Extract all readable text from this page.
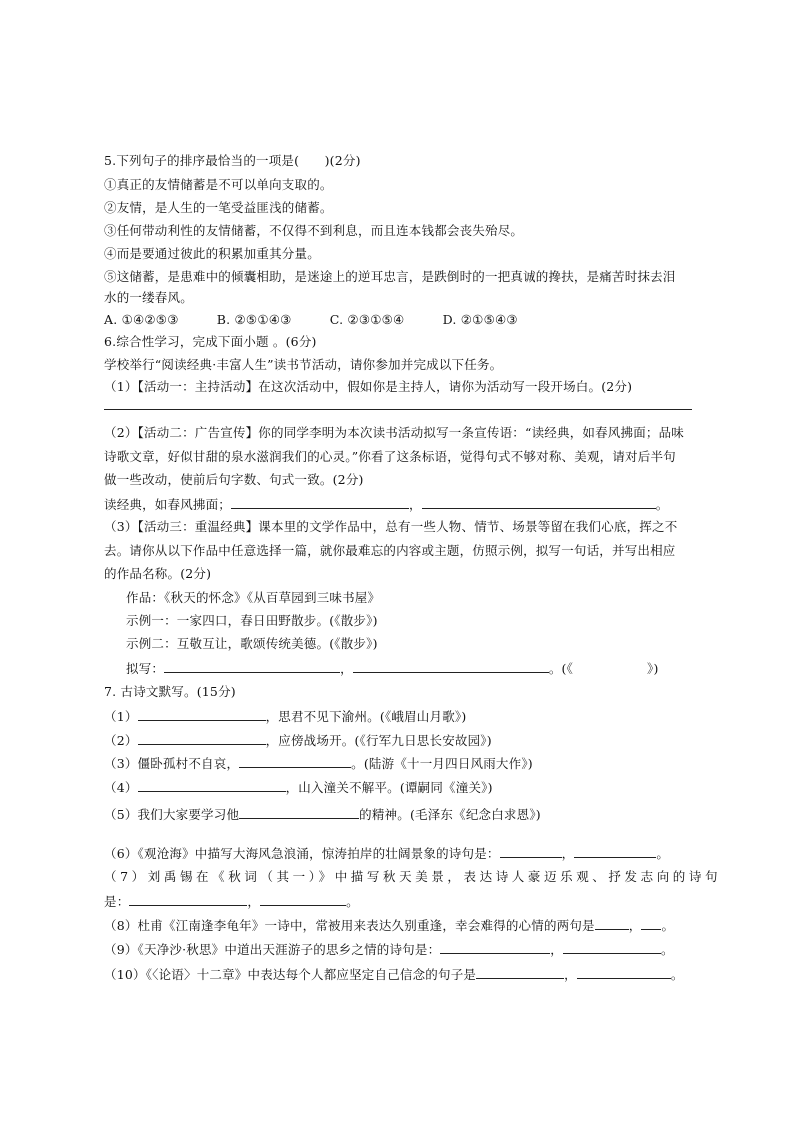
5.下列句子的排序最恰当的一项是(　　)(2分)
①真正的友情储蓄是不可以单向支取的。
②友情，是人生的一笔受益匪浅的储蓄。
③任何带动利性的友情储蓄，不仅得不到利息，而且连本钱都会丧失殆尽。
④而是要通过彼此的积累加重其分量。
⑤这储蓄，是患难中的倾囊相助，是迷途上的逆耳忠言，是跌倒时的一把真诚的搀扶，是痛苦时抹去泪
水的一缕春风。
A. ①④②⑤③	B. ②⑤①④③	C. ②③①⑤④	D. ②①⑤④③
6.综合性学习，完成下面小题 。(6分)
学校举行“阅读经典·丰富人生”读书节活动，请你参加并完成以下任务。
（1）【活动一：主持活动】在这次活动中，假如你是主持人，请你为活动写一段开场白。(2分)
（2）【活动二：广告宣传】你的同学李明为本次读书活动拟写一条宣传语：“读经典，如春风拂面；品味
诗歌文章，好似甘甜的泉水滋润我们的心灵。”你看了这条标语，觉得句式不够对称、美观，请对后半句
做一些改动，使前后句字数、句式一致。(2分)
读经典，如春风拂面；	，	。
（3）【活动三：重温经典】课本里的文学作品中，总有一些人物、情节、场景等留在我们心底，挥之不
去。请你从以下作品中任意选择一篇，就你最难忘的内容或主题，仿照示例，拟写一句话，并写出相应
的作品名称。(2分)
作品：《秋天的怀念》《从百草园到三味书屋》
示例一：一家四口，春日田野散步。(《散步》)
示例二：互敬互让，歌颂传统美德。(《散步》)
拟写：	，	。(《	》)
7. 古诗文默写。(15分)
（1）	，思君不见下渝州。(《峨眉山月歌》)
（2）	，应傍战场开。(《行军九日思长安故园》)
（3）僵卧孤村不自哀，	。(陆游《十一月四日风雨大作》)
（4）	，山入潼关不解平。(谭嗣同《潼关》)
（5）我们大家要学习他	的精神。(毛泽东《纪念白求恩》)
（6）《观沧海》中描写大海风急浪涌，惊涛拍岸的壮阔景象的诗句是：	，	。
（7）刘禹锡在《秋词（其一）》中描写秋天美景，表达诗人豪迈乐观、抒发志向的诗句
是：	，	。
（8）杜甫《江南逢李龟年》一诗中，常被用来表达久别重逢，幸会难得的心情的两句是	， 。
（9）《天净沙·秋思》中道出天涯游子的思乡之情的诗句是：	，	。
（10）《〈论语〉十二章》中表达每个人都应坚定自己信念的句子是	，	。
